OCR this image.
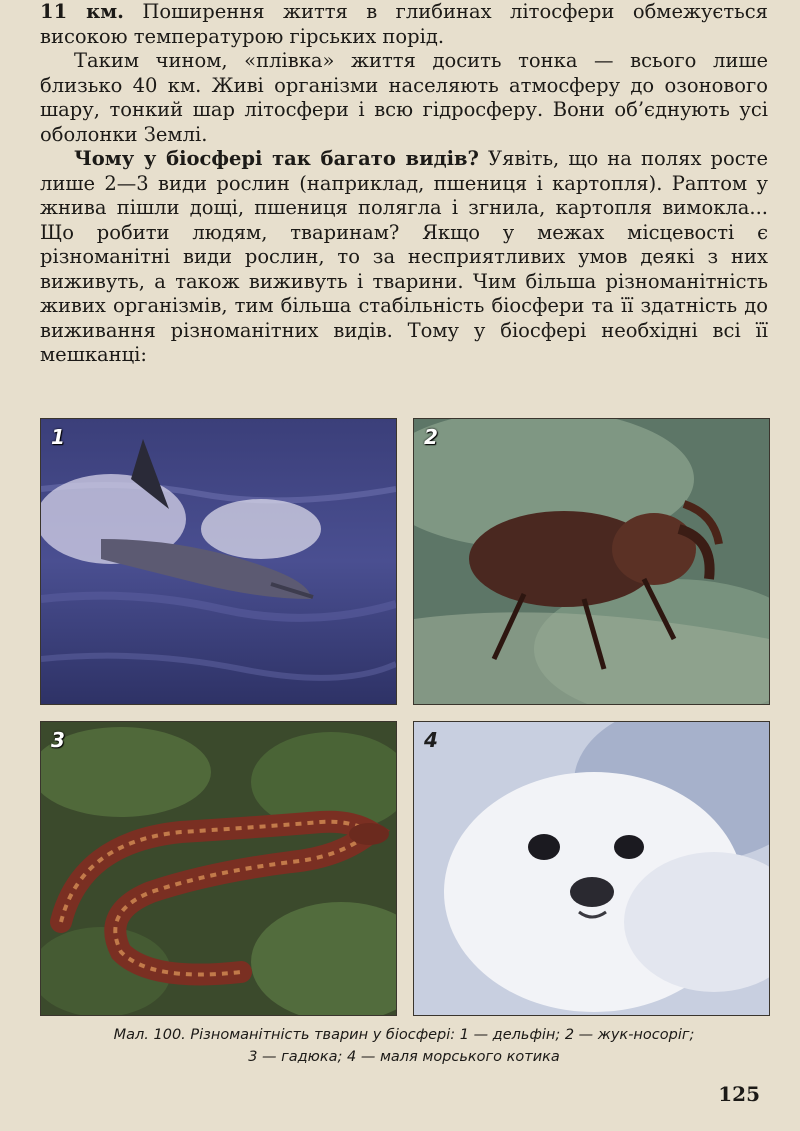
11 км. Поширення життя в глибинах літосфери обмежується високою температурою гірських порід.

Таким чином, «плівка» життя досить тонка — всього лише близько 40 км. Живі організми населяють атмосферу до озонового шару, тонкий шар літосфери і всю гідросферу. Вони об’єднують усі оболонки Землі.

Чому у біосфері так багато видів? Уявіть, що на полях росте лише 2—3 види рослин (наприклад, пшениця і картопля). Раптом у жнива пішли дощі, пшениця полягла і згнила, картопля вимокла... Що робити людям, тваринам? Якщо у межах місцевості є різноманітні види рослин, то за несприятливих умов деякі з них виживуть, а також виживуть і тварини. Чим більша різноманітність живих організмів, тим більша стабільність біосфери та її здатність до виживання різноманітних видів. Тому у біосфері необхідні всі її мешканці:

1	2
3	4
Мал. 100. Різноманітність тварин у біосфері: 1 — дельфін; 2 — жук-носоріг;
3 — гадюка; 4 — маля морського котика
125
